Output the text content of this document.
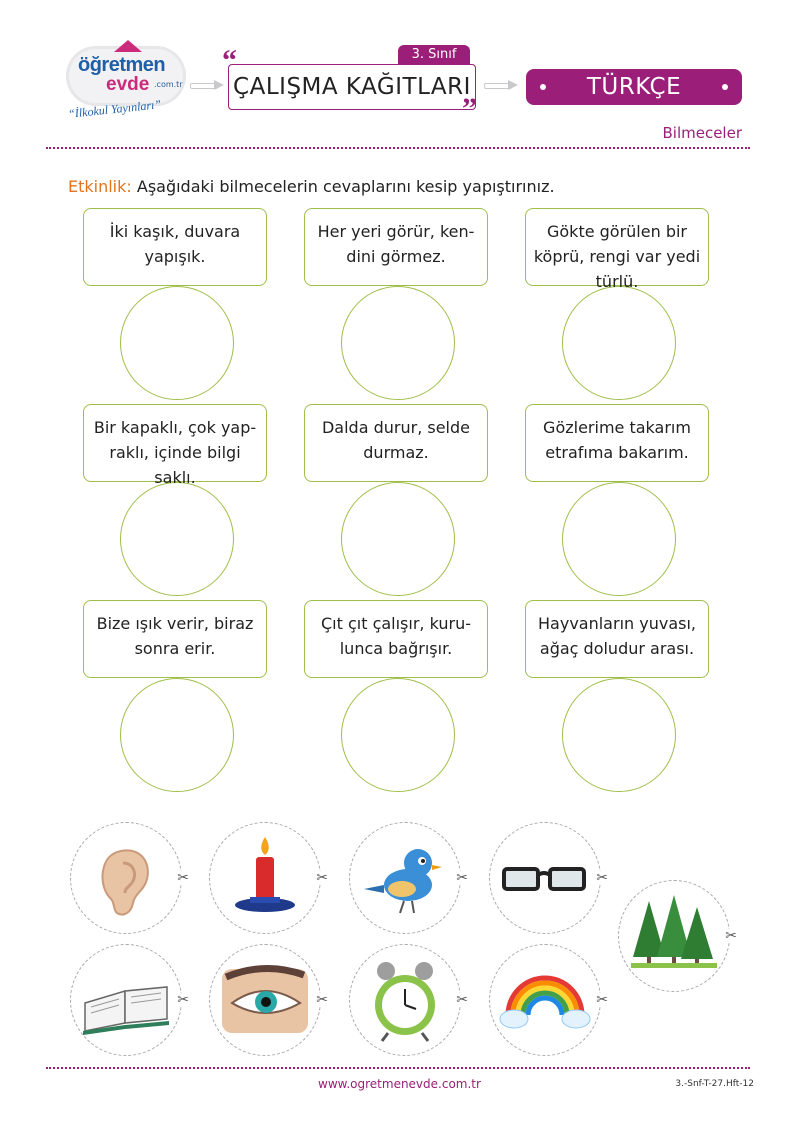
öğretmen
evde .com.tr
“İlkokul Yayınları”
3. Sınıf
“
ÇALIŞMA KAĞITLARI
”
TÜRKÇE
Bilmeceler
Etkinlik: Aşağıdaki bilmecelerin cevaplarını kesip yapıştırınız.
İki kaşık, duvara yapışık.
Her yeri görür, ken-dini görmez.
Gökte görülen bir köprü, rengi var yedi türlü.
Bir kapaklı, çok yap-raklı, içinde bilgi saklı.
Dalda durur, selde durmaz.
Gözlerime takarım etrafıma bakarım.
Bize ışık verir, biraz sonra erir.
Çıt çıt çalışır, kuru-lunca bağrışır.
Hayvanların yuvası, ağaç doludur arası.
✂	✂	✂	✂
✂
✂	✂	✂	✂
www.ogretmenevde.com.tr	3.-Snf-T-27.Hft-12
